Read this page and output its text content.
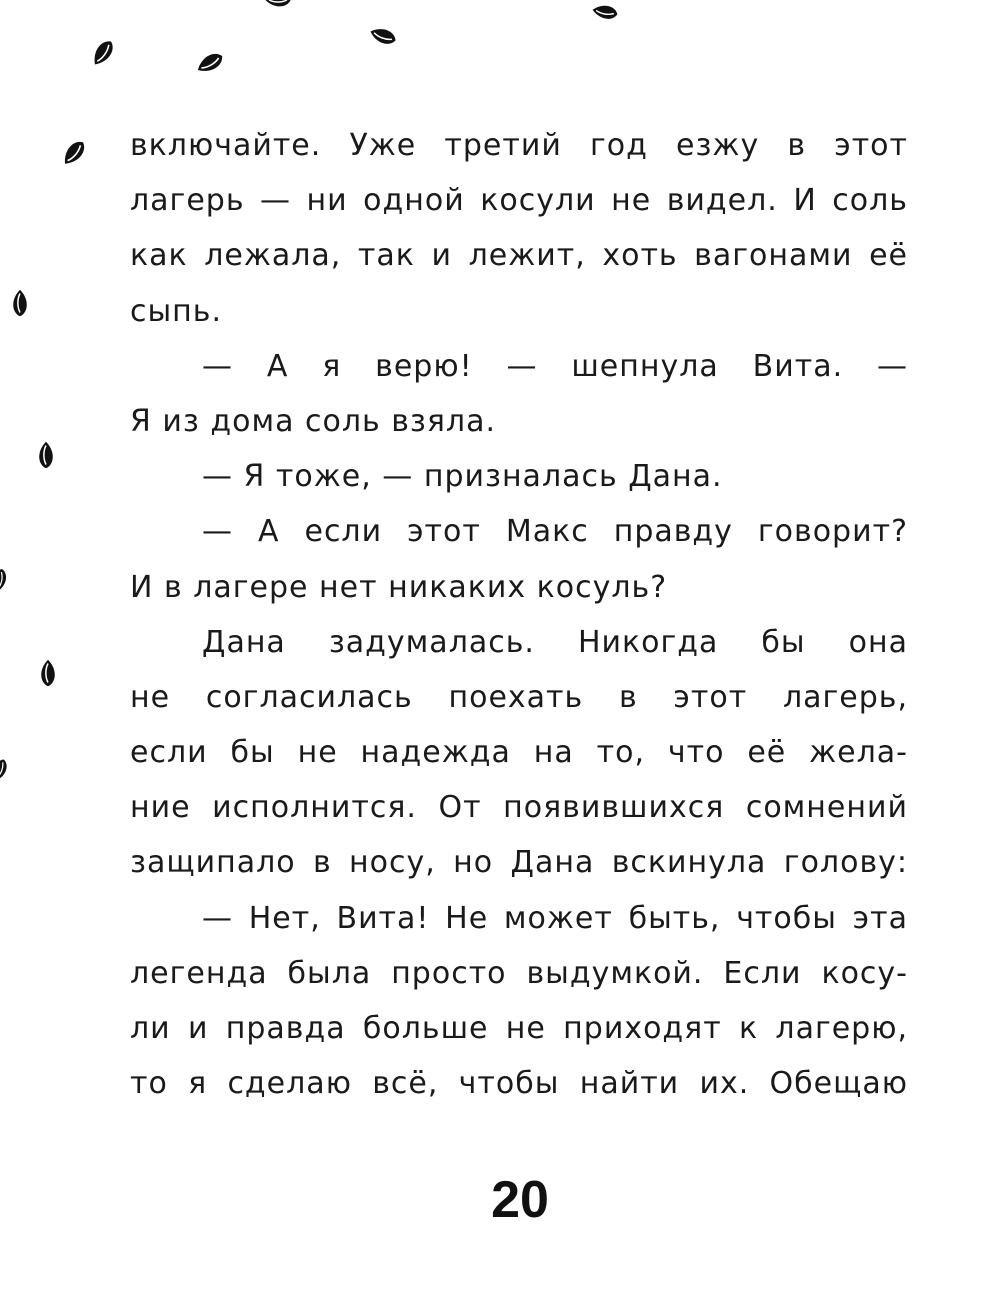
включайте. Уже третий год езжу в этот
лагерь — ни одной косули не видел. И соль
как лежала, так и лежит, хоть вагонами её
сыпь.
— А я верю! — шепнула Вита. —
Я из дома соль взяла.
— Я тоже, — призналась Дана.
— А если этот Макс правду говорит?
И в лагере нет никаких косуль?
Дана задумалась. Никогда бы она
не согласилась поехать в этот лагерь,
если бы не надежда на то, что её жела-
ние исполнится. От появившихся сомнений
защипало в носу, но Дана вскинула голову:
— Нет, Вита! Не может быть, чтобы эта
легенда была просто выдумкой. Если косу-
ли и правда больше не приходят к лагерю,
то я сделаю всё, чтобы найти их. Обещаю
20
